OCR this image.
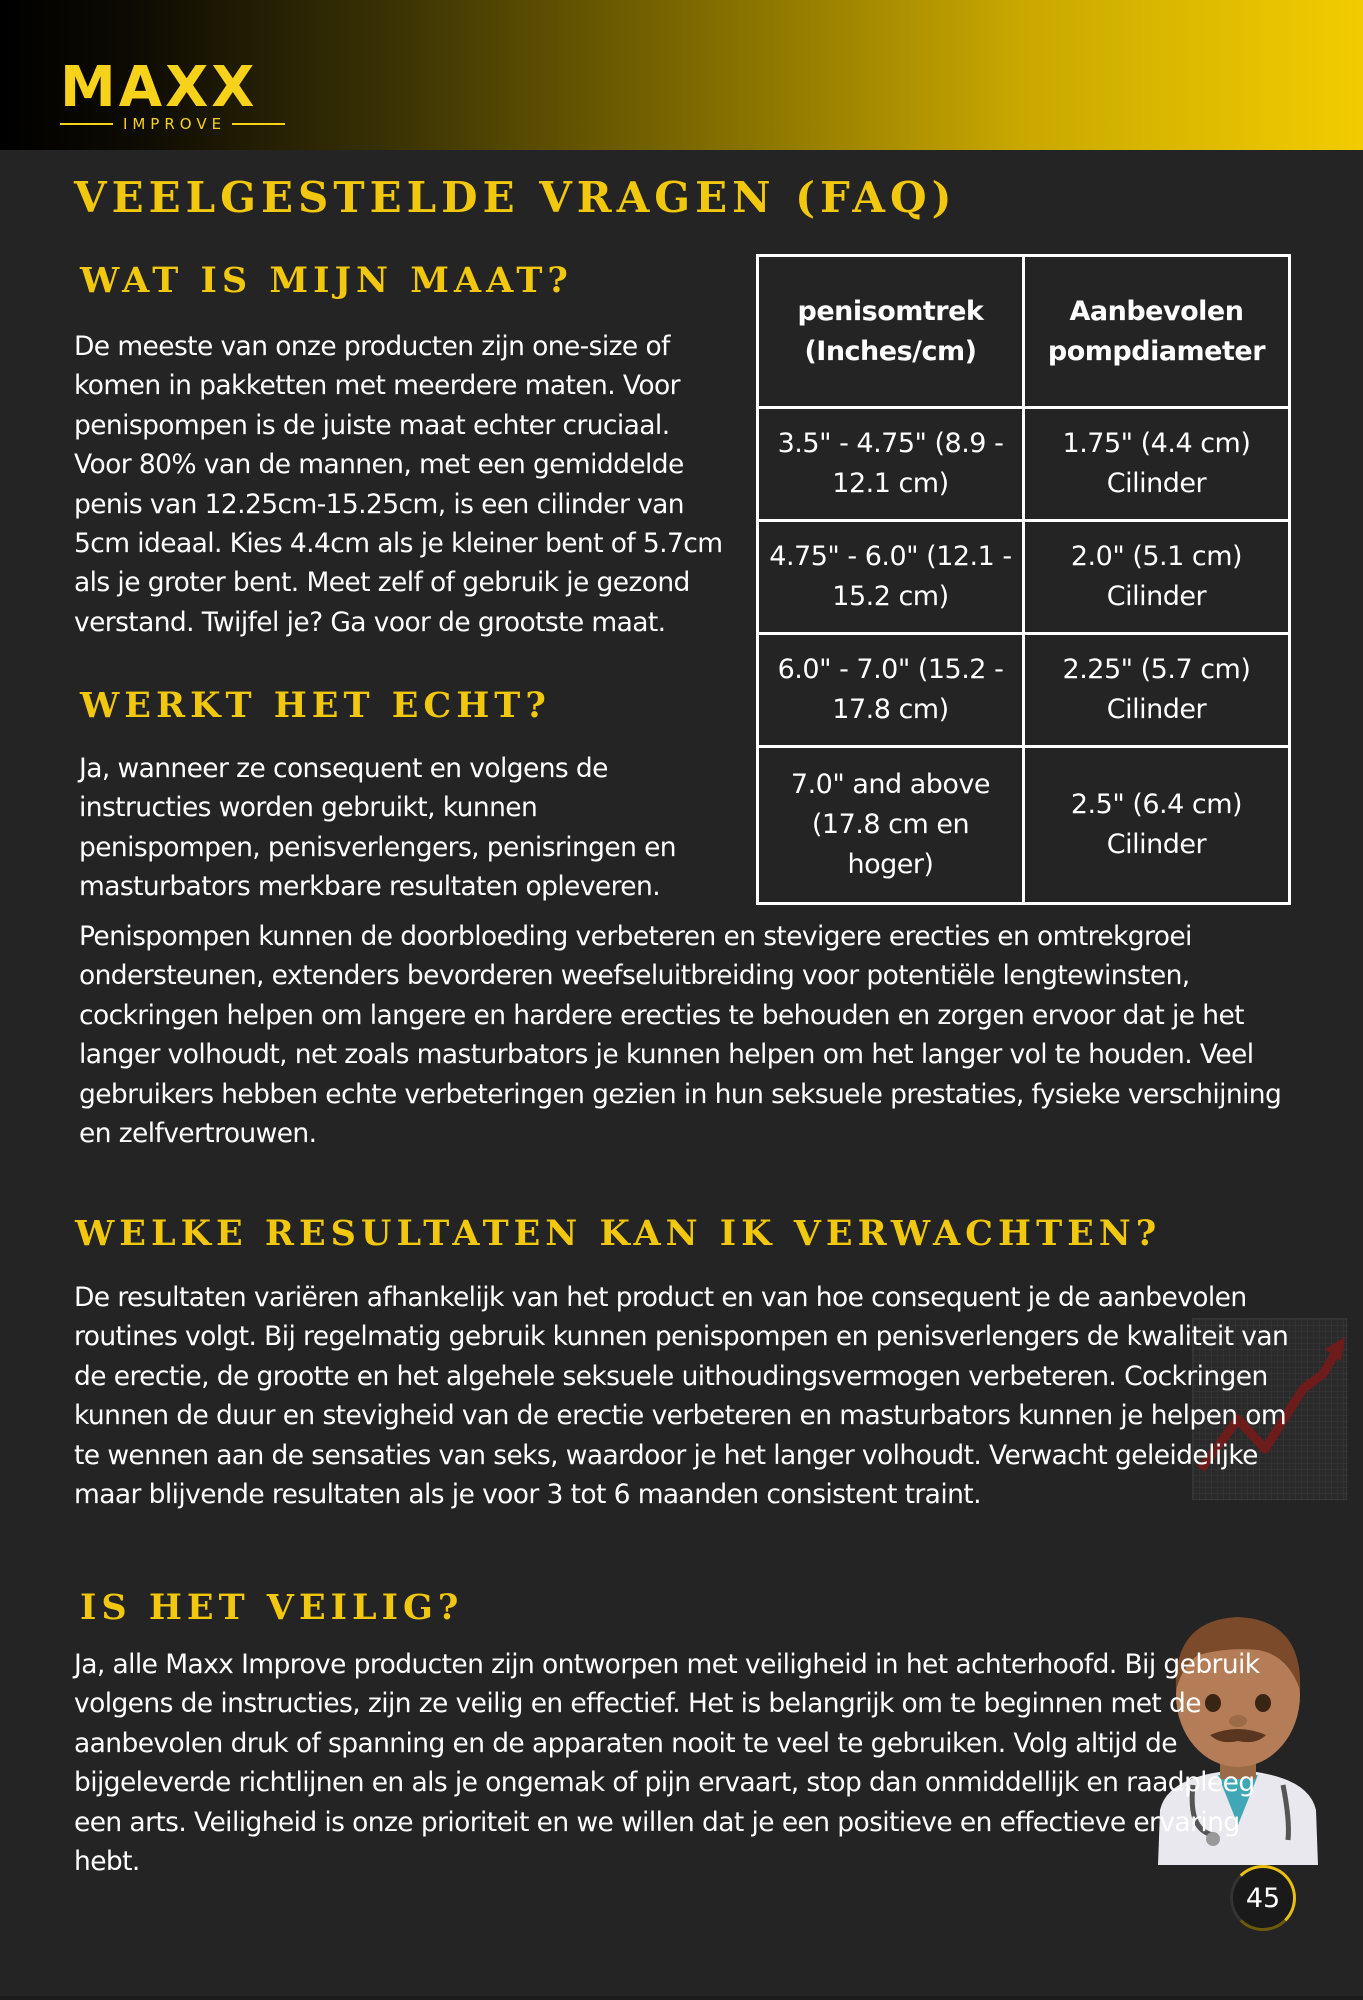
MAXX
IMPROVE
VEELGESTELDE VRAGEN (FAQ)
WAT IS MIJN MAAT?

De meeste van onze producten zijn one-size of komen in pakketten met meerdere maten. Voor penispompen is de juiste maat echter cruciaal. Voor 80% van de mannen, met een gemiddelde penis van 12.25cm-15.25cm, is een cilinder van 5cm ideaal. Kies 4.4cm als je kleiner bent of 5.7cm als je groter bent. Meet zelf of gebruik je gezond verstand. Twijfel je? Ga voor de grootste maat.

penisomtrek (Inches/cm)	Aanbevolen pompdiameter
3.5" - 4.75" (8.9 - 12.1 cm)	1.75" (4.4 cm) Cilinder
4.75" - 6.0" (12.1 - 15.2 cm)	2.0" (5.1 cm) Cilinder
6.0" - 7.0" (15.2 - 17.8 cm)	2.25" (5.7 cm) Cilinder
7.0" and above (17.8 cm en hoger)	2.5" (6.4 cm) Cilinder
WERKT HET ECHT?

Ja, wanneer ze consequent en volgens de instructies worden gebruikt, kunnen penispompen, penisverlengers, penisringen en masturbators merkbare resultaten opleveren.

Penispompen kunnen de doorbloeding verbeteren en stevigere erecties en omtrekgroei ondersteunen, extenders bevorderen weefseluitbreiding voor potentiële lengtewinsten, cockringen helpen om langere en hardere erecties te behouden en zorgen ervoor dat je het langer volhoudt, net zoals masturbators je kunnen helpen om het langer vol te houden. Veel gebruikers hebben echte verbeteringen gezien in hun seksuele prestaties, fysieke verschijning en zelfvertrouwen.

WELKE RESULTATEN KAN IK VERWACHTEN?

De resultaten variëren afhankelijk van het product en van hoe consequent je de aanbevolen routines volgt. Bij regelmatig gebruik kunnen penispompen en penisverlengers de kwaliteit van de erectie, de grootte en het algehele seksuele uithoudingsvermogen verbeteren. Cockringen kunnen de duur en stevigheid van de erectie verbeteren en masturbators kunnen je helpen om te wennen aan de sensaties van seks, waardoor je het langer volhoudt. Verwacht geleidelijke maar blijvende resultaten als je voor 3 tot 6 maanden consistent traint.

IS HET VEILIG?

Ja, alle Maxx Improve producten zijn ontworpen met veiligheid in het achterhoofd. Bij gebruik volgens de instructies, zijn ze veilig en effectief. Het is belangrijk om te beginnen met de aanbevolen druk of spanning en de apparaten nooit te veel te gebruiken. Volg altijd de bijgeleverde richtlijnen en als je ongemak of pijn ervaart, stop dan onmiddellijk en raadpleeg een arts. Veiligheid is onze prioriteit en we willen dat je een positieve en effectieve ervaring hebt.

45
